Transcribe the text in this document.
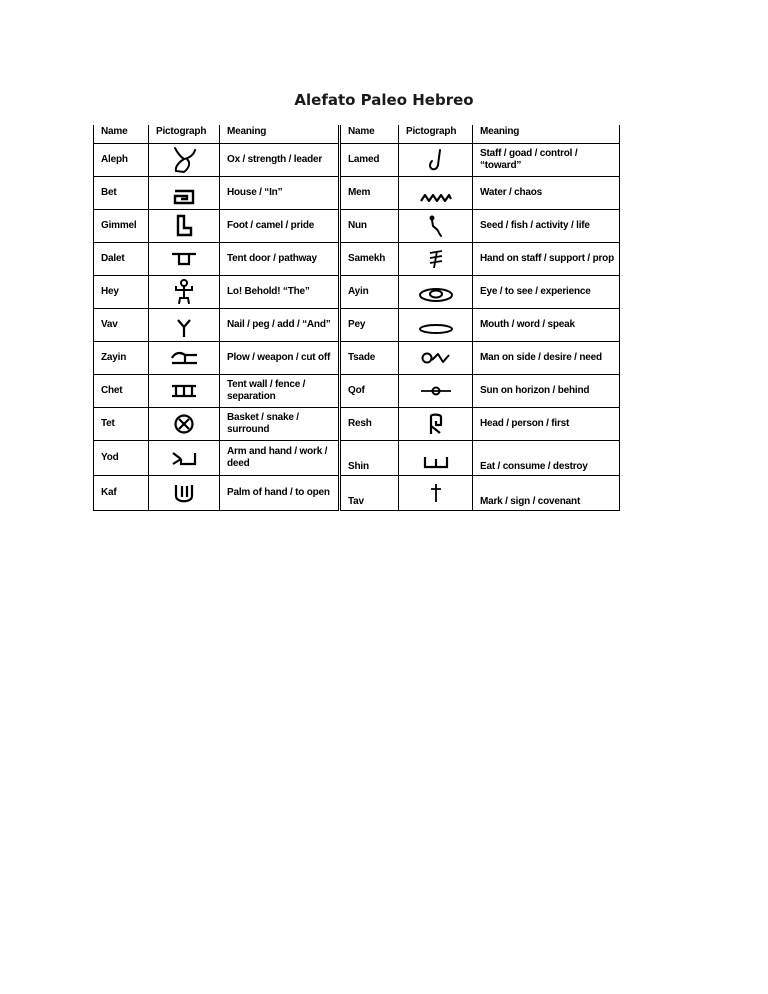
Alefato Paleo Hebreo
Name	Pictograph	Meaning	Name	Pictograph	Meaning
Aleph		Ox / strength / leader	Lamed		Staff / goad / control / “toward”
Bet		House / “In”	Mem		Water / chaos
Gimmel		Foot / camel / pride	Nun		Seed / fish / activity / life
Dalet		Tent door / pathway	Samekh		Hand on staff / support / prop
Hey		Lo! Behold! “The”	Ayin		Eye / to see / experience
Vav		Nail / peg / add / “And”	Pey		Mouth / word / speak
Zayin		Plow / weapon / cut off	Tsade		Man on side / desire / need
Chet		Tent wall / fence / separation	Qof		Sun on horizon / behind
Tet		Basket / snake / surround	Resh		Head / person / first
Yod		Arm and hand / work / deed	Shin		Eat / consume / destroy
Kaf		Palm of hand / to open	Tav		Mark / sign / covenant
